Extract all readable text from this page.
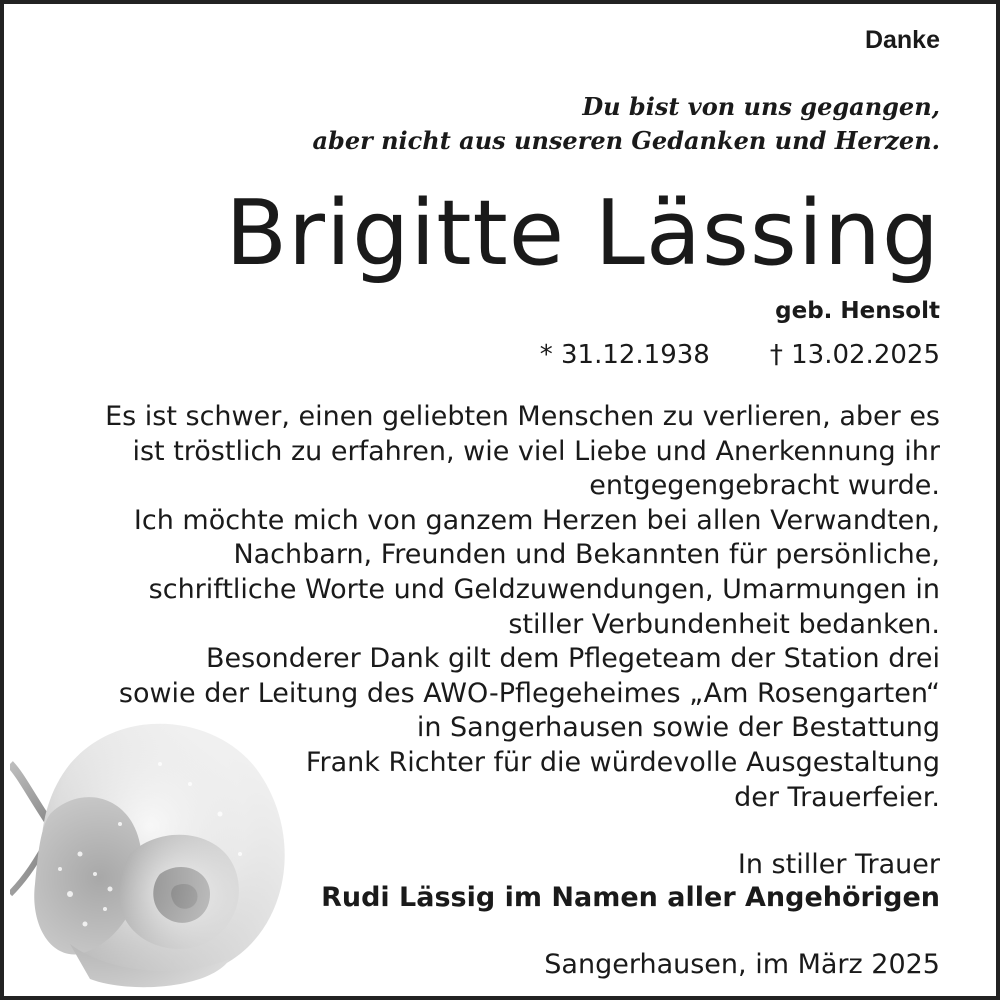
Danke
Du bist von uns gegangen,
aber nicht aus unseren Gedanken und Herzen.
Brigitte Lässing
geb. Hensolt
* 31.12.1938 † 13.02.2025
Es ist schwer, einen geliebten Menschen zu verlieren, aber es
ist tröstlich zu erfahren, wie viel Liebe und Anerkennung ihr
entgegengebracht wurde.
Ich möchte mich von ganzem Herzen bei allen Verwandten,
Nachbarn, Freunden und Bekannten für persönliche,
schriftliche Worte und Geldzuwendungen, Umarmungen in
stiller Verbundenheit bedanken.
Besonderer Dank gilt dem Pflegeteam der Station drei
sowie der Leitung des AWO-Pflegeheimes „Am Rosengarten“
in Sangerhausen sowie der Bestattung
Frank Richter für die würdevolle Ausgestaltung
der Trauerfeier.
In stiller Trauer
Rudi Lässig im Namen aller Angehörigen
Sangerhausen, im März 2025
